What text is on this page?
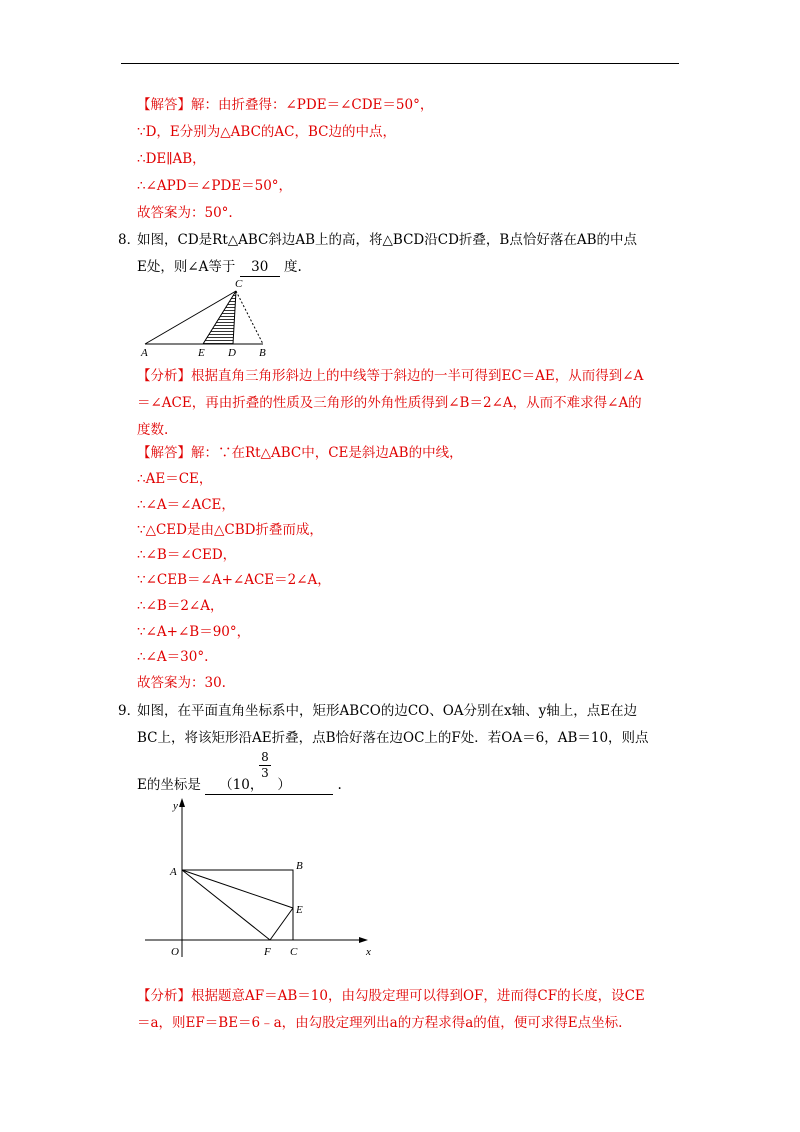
【解答】解：由折叠得：∠PDE＝∠CDE＝50°，
∵D，E分别为△ABC的AC，BC边的中点，
∴DE∥AB，
∴∠APD＝∠PDE＝50°，
故答案为：50°.
8．
如图，CD是Rt△ABC斜边AB上的高，将△BCD沿CD折叠，B点恰好落在AB的中点
E处，则∠A等于 30 度.
C
A	E D B
【分析】根据直角三角形斜边上的中线等于斜边的一半可得到EC＝AE，从而得到∠A
＝∠ACE，再由折叠的性质及三角形的外角性质得到∠B＝2∠A，从而不难求得∠A的
度数.
【解答】解：∵在Rt△ABC中，CE是斜边AB的中线，
∴AE＝CE，
∴∠A＝∠ACE，
∵△CED是由△CBD折叠而成，
∴∠B＝∠CED，
∵∠CEB＝∠A+∠ACE＝2∠A，
∴∠B＝2∠A，
∵∠A+∠B＝90°，
∴∠A＝30°.
故答案为：30.
9．
如图，在平面直角坐标系中，矩形ABCO的边CO、OA分别在x轴、y轴上，点E在边
BC上，将该矩形沿AE折叠，点B恰好落在边OC上的F处．若OA＝6，AB＝10，则点
E的坐标是 （10， ）	.
8
3
y
A	B
E
O	F C	x
【分析】根据题意AF＝AB＝10，由勾股定理可以得到OF，进而得CF的长度，设CE
＝a，则EF＝BE＝6﹣a，由勾股定理列出a的方程求得a的值，便可求得E点坐标.
